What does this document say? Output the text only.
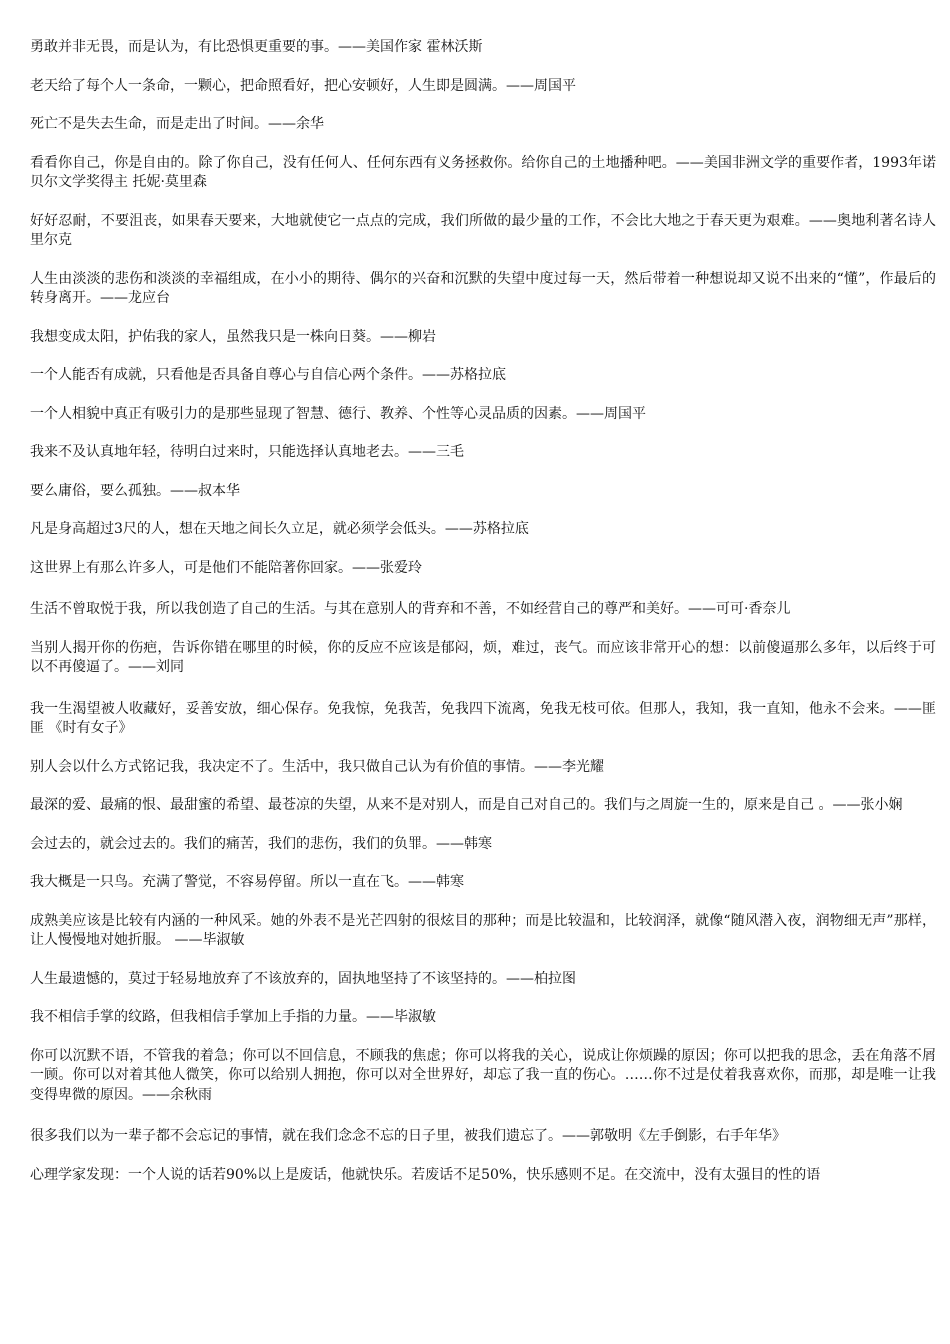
勇敢并非无畏，而是认为，有比恐惧更重要的事。——美国作家 霍林沃斯

老天给了每个人一条命，一颗心，把命照看好，把心安顿好，人生即是圆满。——周国平

死亡不是失去生命，而是走出了时间。——余华

看看你自己，你是自由的。除了你自己，没有任何人、任何东西有义务拯救你。给你自己的土地播种吧。——美国非洲文学的重要作者，1993年诺贝尔文学奖得主 托妮·莫里森

好好忍耐，不要沮丧，如果春天要来，大地就使它一点点的完成，我们所做的最少量的工作，不会比大地之于春天更为艰难。——奥地利著名诗人 里尔克

人生由淡淡的悲伤和淡淡的幸福组成，在小小的期待、偶尔的兴奋和沉默的失望中度过每一天，然后带着一种想说却又说不出来的“懂”，作最后的转身离开。——龙应台

我想变成太阳，护佑我的家人，虽然我只是一株向日葵。——柳岩

一个人能否有成就，只看他是否具备自尊心与自信心两个条件。——苏格拉底

一个人相貌中真正有吸引力的是那些显现了智慧、德行、教养、个性等心灵品质的因素。——周国平

我来不及认真地年轻，待明白过来时，只能选择认真地老去。——三毛

要么庸俗，要么孤独。——叔本华

凡是身高超过3尺的人，想在天地之间长久立足，就必须学会低头。——苏格拉底

这世界上有那么许多人，可是他们不能陪著你回家。——张爱玲

生活不曾取悦于我，所以我创造了自己的生活。与其在意别人的背弃和不善，不如经营自己的尊严和美好。——可可·香奈儿

当别人揭开你的伤疤，告诉你错在哪里的时候，你的反应不应该是郁闷，烦，难过，丧气。而应该非常开心的想：以前傻逼那么多年，以后终于可以不再傻逼了。——刘同

我一生渴望被人收藏好，妥善安放，细心保存。免我惊，免我苦，免我四下流离，免我无枝可依。但那人，我知，我一直知，他永不会来。——匪匪 《时有女子》

别人会以什么方式铭记我，我决定不了。生活中，我只做自己认为有价值的事情。——李光耀

最深的爱、最痛的恨、最甜蜜的希望、最苍凉的失望，从来不是对别人，而是自己对自己的。我们与之周旋一生的，原来是自己 。——张小娴

会过去的，就会过去的。我们的痛苦，我们的悲伤，我们的负罪。——韩寒

我大概是一只鸟。充满了警觉，不容易停留。所以一直在飞。——韩寒

成熟美应该是比较有内涵的一种风采。她的外表不是光芒四射的很炫目的那种；而是比较温和，比较润泽，就像“随风潜入夜，润物细无声”那样，让人慢慢地对她折服。 ——毕淑敏

人生最遗憾的，莫过于轻易地放弃了不该放弃的，固执地坚持了不该坚持的。——柏拉图

我不相信手掌的纹路，但我相信手掌加上手指的力量。——毕淑敏

你可以沉默不语，不管我的着急；你可以不回信息，不顾我的焦虑；你可以将我的关心，说成让你烦躁的原因；你可以把我的思念，丢在角落不屑一顾。你可以对着其他人微笑，你可以给别人拥抱，你可以对全世界好，却忘了我一直的伤心。……你不过是仗着我喜欢你，而那，却是唯一让我变得卑微的原因。——余秋雨

很多我们以为一辈子都不会忘记的事情，就在我们念念不忘的日子里，被我们遗忘了。——郭敬明《左手倒影，右手年华》

心理学家发现：一个人说的话若90%以上是废话，他就快乐。若废话不足50%，快乐感则不足。在交流中，没有太强目的性的语
